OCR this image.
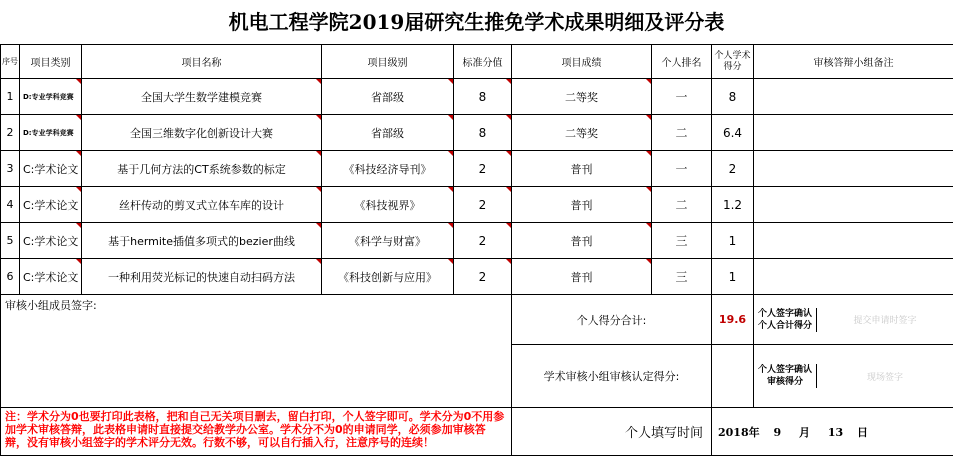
机电工程学院2019届研究生推免学术成果明细及评分表
序号	项目类别	项目名称	项目级别	标准分值	项目成绩	个人排名	个人学术得分	审核答辩小组备注
1	D:专业学科竞赛	全国大学生数学建模竞赛	省部级	8	二等奖	一	8	
2	D:专业学科竞赛	全国三维数字化创新设计大赛	省部级	8	二等奖	二	6.4	
3	C:学术论文	基于几何方法的CT系统参数的标定	《科技经济导刊》	2	普刊	一	2	
4	C:学术论文	丝杆传动的剪叉式立体车库的设计	《科技视界》	2	普刊	二	1.2	
5	C:学术论文	基于hermite插值多项式的bezier曲线	《科学与财富》	2	普刊	三	1	
6	C:学术论文	一种利用荧光标记的快速自动扫码方法	《科技创新与应用》	2	普刊	三	1	
审核小组成员签字:					个人得分合计:		19.6	个人签字确认个人合计得分 提交申请时签字

					学术审核小组审核认定得分:			个人签字确认审核得分 现场签字

注：学术分为0也要打印此表格，把和自己无关项目删去，留白打印，个人签字即可。学术分为0不用参加学术审核答辩，此表格申请时直接提交给教学办公室。学术分不为0的申请同学，必须参加审核答辩，没有审核小组签字的学术评分无效。行数不够，可以自行插入行，注意序号的连续！					个人填写时间		2018年 9 月 13 日	
